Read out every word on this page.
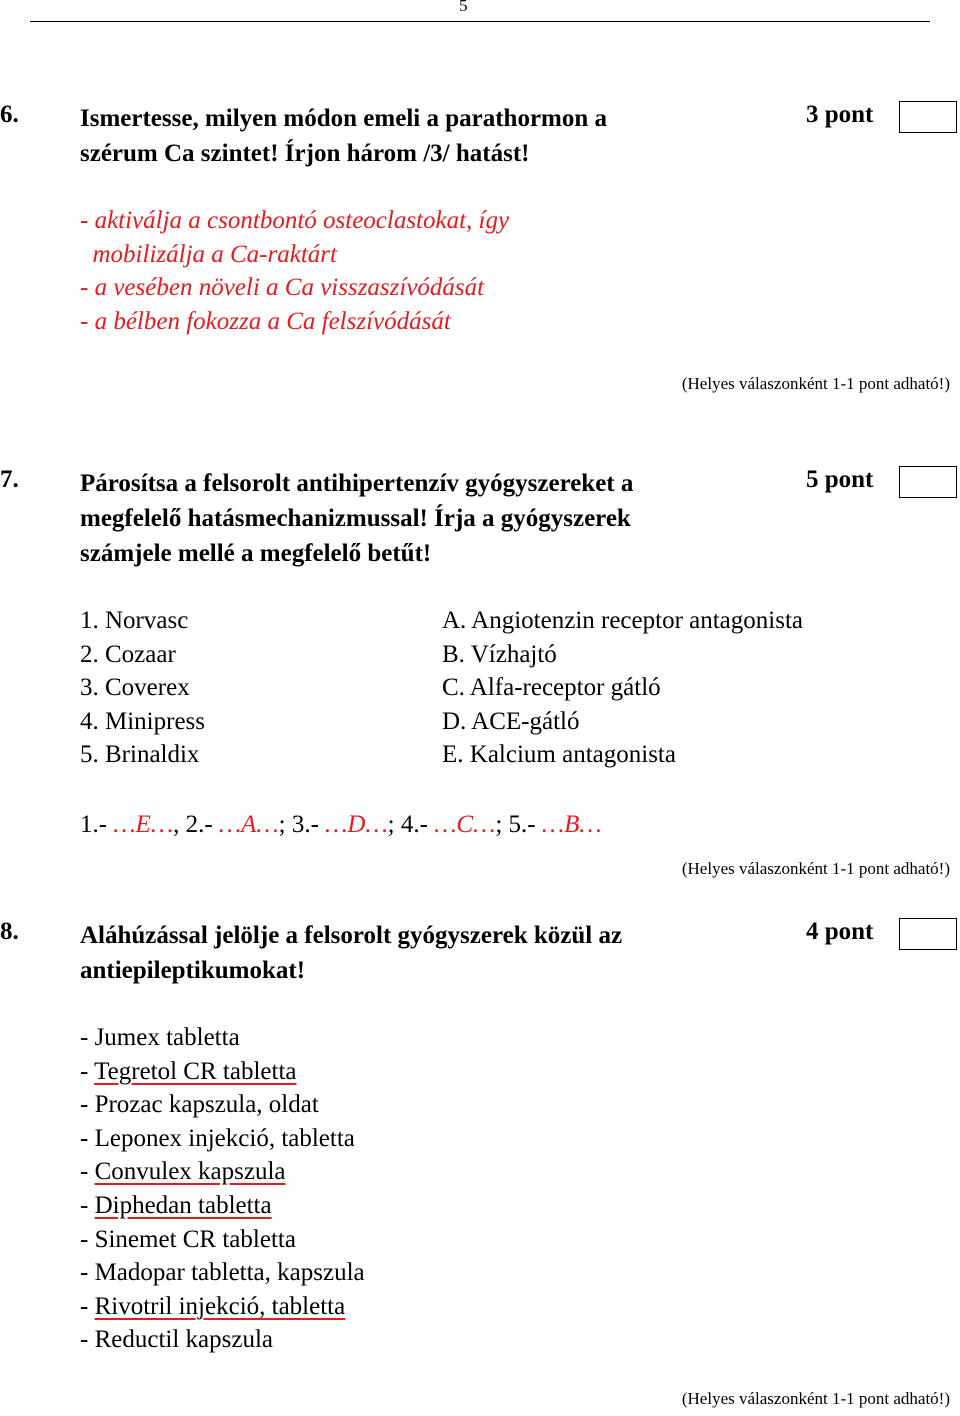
5
6. Ismertesse, milyen módon emeli a parathormon a
szérum Ca szintet! Írjon három /3/ hatást!
3 pont
- aktiválja a csontbontó osteoclastokat, így
mobilizálja a Ca-raktárt
- a vesében növeli a Ca visszaszívódását
- a bélben fokozza a Ca felszívódását
(Helyes válaszonként 1-1 pont adható!)
7. Párosítsa a felsorolt antihipertenzív gyógyszereket a
megfelelő hatásmechanizmussal! Írja a gyógyszerek
számjele mellé a megfelelő betűt!
5 pont
1. Norvasc
2. Cozaar
3. Coverex
4. Minipress
5. Brinaldix
A. Angiotenzin receptor antagonista
B. Vízhajtó
C. Alfa-receptor gátló
D. ACE-gátló
E. Kalcium antagonista
1.- …E…, 2.- …A…; 3.- …D…; 4.- …C…; 5.- …B…
(Helyes válaszonként 1-1 pont adható!)
8. Aláhúzással jelölje a felsorolt gyógyszerek közül az
antiepileptikumokat!
4 pont
- Jumex tabletta
- Tegretol CR tabletta
- Prozac kapszula, oldat
- Leponex injekció, tabletta
- Convulex kapszula
- Diphedan tabletta
- Sinemet CR tabletta
- Madopar tabletta, kapszula
- Rivotril injekció, tabletta
- Reductil kapszula
(Helyes válaszonként 1-1 pont adható!)
